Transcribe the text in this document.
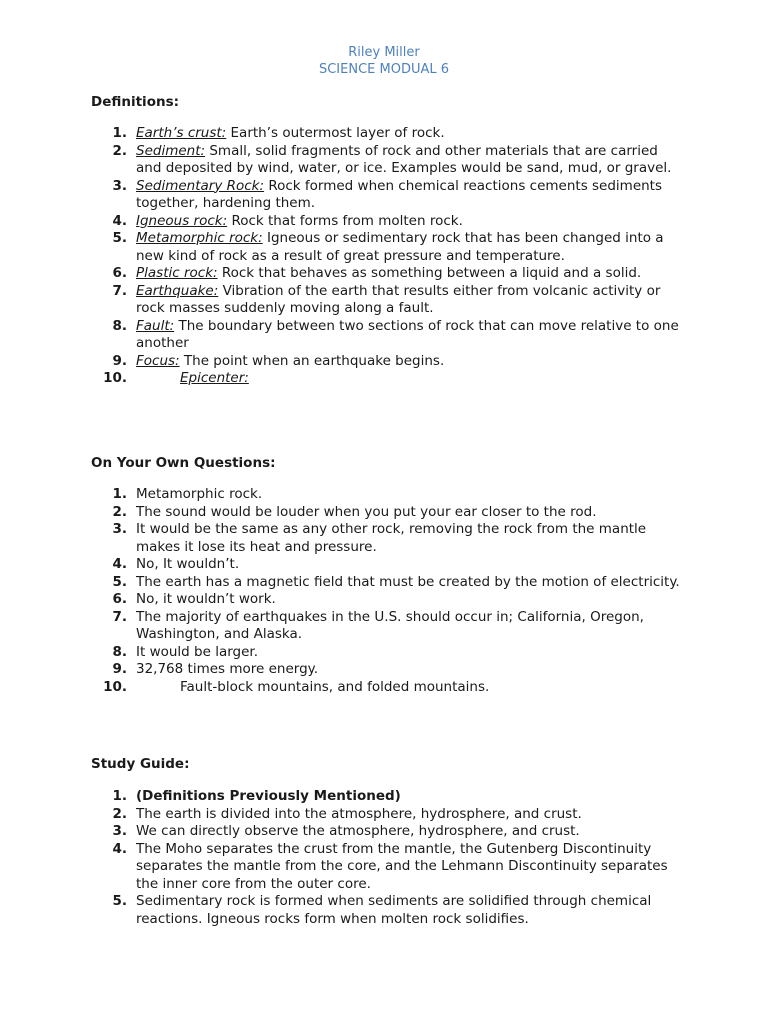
Riley Miller
SCIENCE MODUAL 6
Definitions:
1. Earth’s crust: Earth’s outermost layer of rock.
2. Sediment: Small, solid fragments of rock and other materials that are carried and deposited by wind, water, or ice. Examples would be sand, mud, or gravel.
3. Sedimentary Rock: Rock formed when chemical reactions cements sediments together, hardening them.
4. Igneous rock: Rock that forms from molten rock.
5. Metamorphic rock: Igneous or sedimentary rock that has been changed into a new kind of rock as a result of great pressure and temperature.
6. Plastic rock: Rock that behaves as something between a liquid and a solid.
7. Earthquake: Vibration of the earth that results either from volcanic activity or rock masses suddenly moving along a fault.
8. Fault: The boundary between two sections of rock that can move relative to one another
9. Focus: The point when an earthquake begins.
10.	Epicenter:
On Your Own Questions:
1. Metamorphic rock.
2. The sound would be louder when you put your ear closer to the rod.
3. It would be the same as any other rock, removing the rock from the mantle makes it lose its heat and pressure.
4. No, It wouldn’t.
5. The earth has a magnetic field that must be created by the motion of electricity.
6. No, it wouldn’t work.
7. The majority of earthquakes in the U.S. should occur in; California, Oregon, Washington, and Alaska.
8. It would be larger.
9. 32,768 times more energy.
10.	Fault-block mountains, and folded mountains.
Study Guide:
1. (Definitions Previously Mentioned)
2. The earth is divided into the atmosphere, hydrosphere, and crust.
3. We can directly observe the atmosphere, hydrosphere, and crust.
4. The Moho separates the crust from the mantle, the Gutenberg Discontinuity separates the mantle from the core, and the Lehmann Discontinuity separates the inner core from the outer core.
5. Sedimentary rock is formed when sediments are solidified through chemical reactions. Igneous rocks form when molten rock solidifies.
